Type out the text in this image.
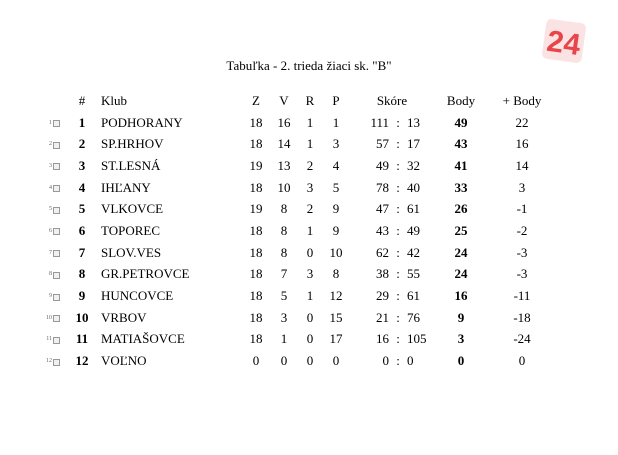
24
Tabuľka - 2. trieda žiaci sk. "B"
		#	Klub	Z	V	R	P	Skóre			Body	+ Body
1		1	PODHORANY	18	16	1	1	111	:	13	49	22
2		2	SP.HRHOV	18	14	1	3	57	:	17	43	16
3		3	ST.LESNÁ	19	13	2	4	49	:	32	41	14
4		4	IHĽANY	18	10	3	5	78	:	40	33	3
5		5	VLKOVCE	19	8	2	9	47	:	61	26	-1
6		6	TOPOREC	18	8	1	9	43	:	49	25	-2
7		7	SLOV.VES	18	8	0	10	62	:	42	24	-3
8		8	GR.PETROVCE	18	7	3	8	38	:	55	24	-3
9		9	HUNCOVCE	18	5	1	12	29	:	61	16	-11
10		10	VRBOV	18	3	0	15	21	:	76	9	-18
11		11	MATIAŠOVCE	18	1	0	17	16	:	105	3	-24
12		12	VOĽNO	0	0	0	0	0	:	0	0	0
